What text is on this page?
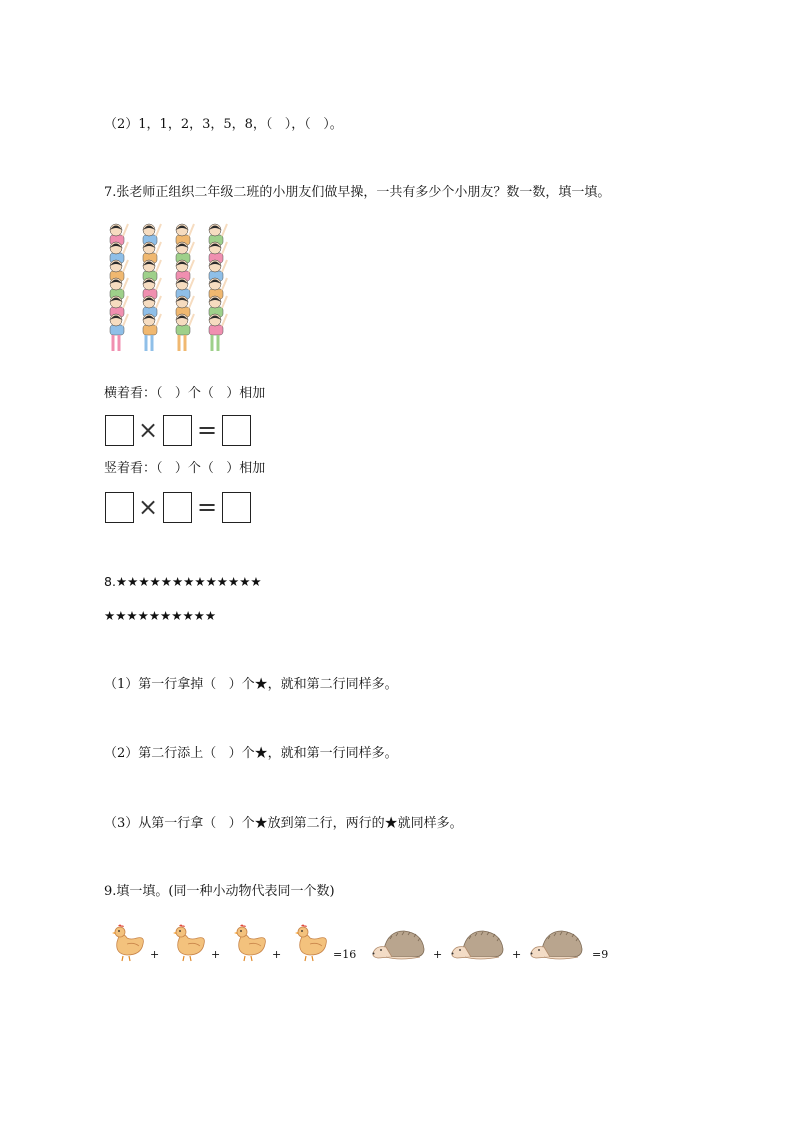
（2）1，1，2，3，5，8，（   ），（   ）。
7.张老师正组织二年级二班的小朋友们做早操，一共有多少个小朋友？数一数，填一填。
横着看：（   ）个（   ）相加
× =
竖着看：（   ）个（   ）相加
× =
8.★★★★★★★★★★★★★
★★★★★★★★★★
（1）第一行拿掉（   ）个★，就和第二行同样多。
（2）第二行添上（   ）个★，就和第一行同样多。
（3）从第一行拿（   ）个★放到第二行，两行的★就同样多。
9.填一填。(同一种小动物代表同一个数)
+	+	+	=16	+	+	=9
